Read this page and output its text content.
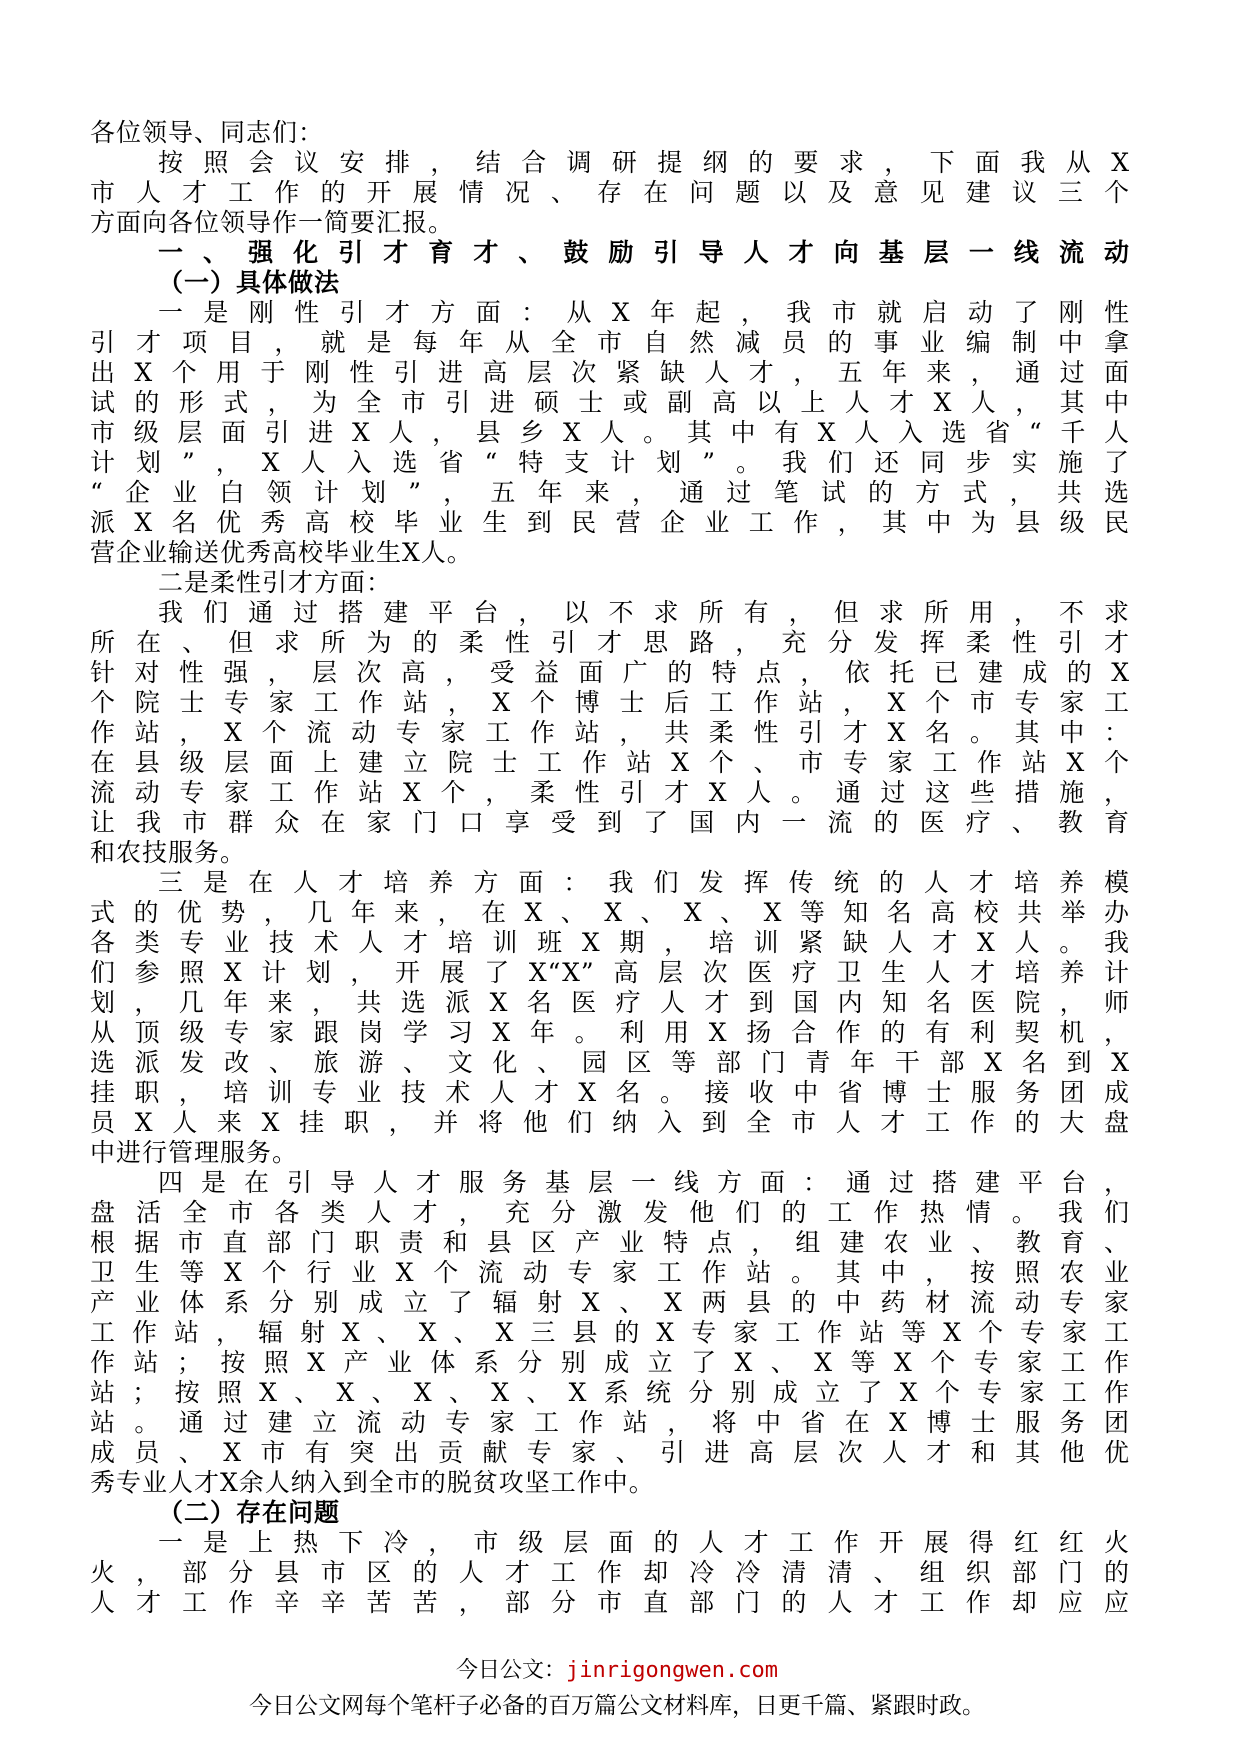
各位领导、同志们：
按照会议安排，结合调研提纲的要求，下面我从X
市人才工作的开展情况、存在问题以及意见建议三个
方面向各位领导作一简要汇报。
一、强化引才育才、鼓励引导人才向基层一线流动
（一）具体做法
一是刚性引才方面：从X年起，我市就启动了刚性
引才项目，就是每年从全市自然减员的事业编制中拿
出X个用于刚性引进高层次紧缺人才，五年来，通过面
试的形式，为全市引进硕士或副高以上人才X人，其中
市级层面引进X人，县乡X人。其中有X人入选省“千人
计划”，X人入选省“特支计划”。我们还同步实施了
“企业白领计划”，五年来，通过笔试的方式，共选
派X名优秀高校毕业生到民营企业工作，其中为县级民
营企业输送优秀高校毕业生X人。
二是柔性引才方面：
我们通过搭建平台，以不求所有，但求所用，不求
所在、但求所为的柔性引才思路，充分发挥柔性引才
针对性强，层次高，受益面广的特点，依托已建成的X
个院士专家工作站，X个博士后工作站，X个市专家工
作站，X个流动专家工作站，共柔性引才X名。其中：
在县级层面上建立院士工作站X个、市专家工作站X个
流动专家工作站X个，柔性引才X人。通过这些措施，
让我市群众在家门口享受到了国内一流的医疗、教育
和农技服务。
三是在人才培养方面：我们发挥传统的人才培养模
式的优势，几年来，在X、X、X、X等知名高校共举办
各类专业技术人才培训班X期，培训紧缺人才X人。我
们参照X计划，开展了X“X”高层次医疗卫生人才培养计
划，几年来，共选派X名医疗人才到国内知名医院，师
从顶级专家跟岗学习X年。利用X扬合作的有利契机，
选派发改、旅游、文化、园区等部门青年干部X名到X
挂职，培训专业技术人才X名。接收中省博士服务团成
员X人来X挂职，并将他们纳入到全市人才工作的大盘
中进行管理服务。
四是在引导人才服务基层一线方面：通过搭建平台，
盘活全市各类人才，充分激发他们的工作热情。我们
根据市直部门职责和县区产业特点，组建农业、教育、
卫生等X个行业X个流动专家工作站。其中，按照农业
产业体系分别成立了辐射X、X两县的中药材流动专家
工作站，辐射X、X、X三县的X专家工作站等X个专家工
作站；按照X产业体系分别成立了X、X等X个专家工作
站；按照X、X、X、X、X系统分别成立了X个专家工作
站。通过建立流动专家工作站，将中省在X博士服务团
成员、X市有突出贡献专家、引进高层次人才和其他优
秀专业人才X余人纳入到全市的脱贫攻坚工作中。
（二）存在问题
一是上热下冷，市级层面的人才工作开展得红红火
火，部分县市区的人才工作却冷冷清清、组织部门的
人才工作辛辛苦苦，部分市直部门的人才工作却应应
今日公文：jinrigongwen.com
今日公文网每个笔杆子必备的百万篇公文材料库，日更千篇、紧跟时政。
